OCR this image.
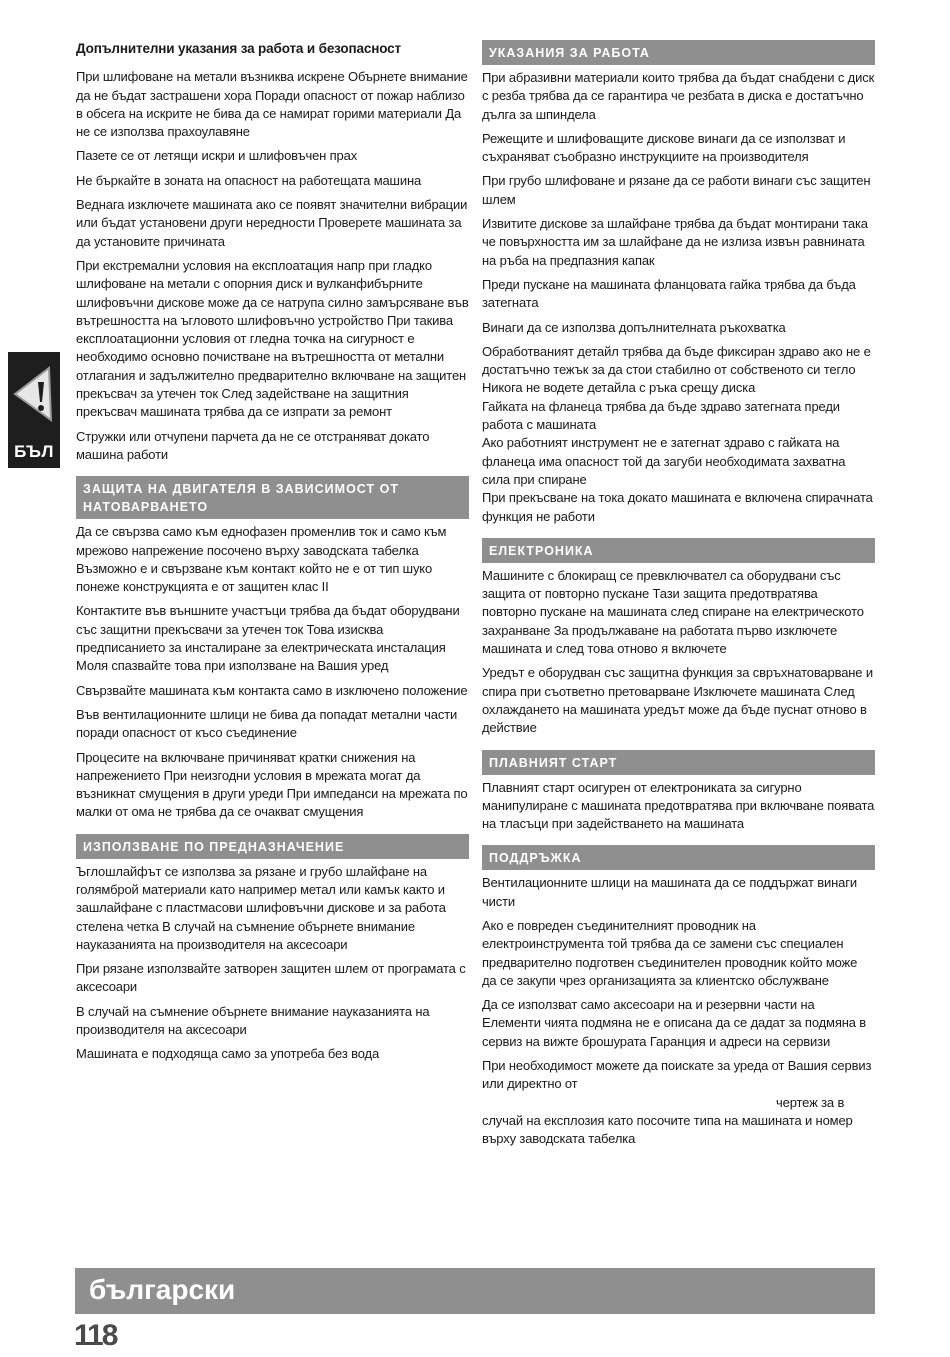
БЪЛ

Допълнителни указания за работа и безопасност

При шлифоване на метали възниква искрене Обърнете внимание да не бъдат застрашени хора Поради опасност от пожар наблизо в обсега на искрите не бива да се намират горими материали Да не се използва прахоулавяне

Пазете се от летящи искри и шлифовъчен прах

Не бъркайте в зоната на опасност на работещата машина

Веднага изключете машината ако се появят значителни вибрации или бъдат установени други нередности Проверете машината за да установите причината

При екстремални условия на експлоатация напр при гладко шлифоване на метали с опорния диск и вулканфибърните шлифовъчни дискове може да се натрупа силно замърсяване във вътрешността на ъгловото шлифовъчно устройство При такива експлоатационни условия от гледна точка на сигурност е необходимо основно почистване на вътрешността от метални отлагания и задължително предварително включване на защитен прекъсвач за утечен ток След задействане на защитния прекъсвач машината трябва да се изпрати за ремонт

Стружки или отчупени парчета да не се отстраняват докато машина работи

ЗАЩИТА НА ДВИГАТЕЛЯ В ЗАВИСИМОСТ ОТ НАТОВАРВАНЕТО

Да се свързва само към еднофазен променлив ток и само към мрежово напрежение посочено върху заводската табелка Възможно е и свързване към контакт който не е от тип шуко понеже конструкцията е от защитен клас II

Контактите във външните участъци трябва да бъдат оборудвани със защитни прекъсвачи за утечен ток Това изисква предписанието за инсталиране за електрическата инсталация Моля спазвайте това при използване на Вашия уред

Свързвайте машината към контакта само в изключено положение

Във вентилационните шлици не бива да попадат метални части поради опасност от късо съединение

Процесите на включване причиняват кратки снижения на напрежението При неизгодни условия в мрежата могат да възникнат смущения в други уреди При импеданси на мрежата по малки от ома не трябва да се очакват смущения

ИЗПОЛЗВАНЕ ПО ПРЕДНАЗНАЧЕНИЕ

Ъглошлайфът се използва за рязане и грубо шлайфане на голямброй материали като например метал или камък както и зашлайфане с пластмасови шлифовъчни дискове и за работа стелена четка В случай на съмнение обърнете внимание науказанията на производителя на аксесоари

При рязане използвайте затворен защитен шлем от програмата с аксесоари

В случай на съмнение обърнете внимание науказанията на производителя на аксесоари

Машината е подходяща само за употреба без вода

УКАЗАНИЯ ЗА РАБОТА

При абразивни материали които трябва да бъдат снабдени с диск с резба трябва да се гарантира че резбата в диска е достатъчно дълга за шпиндела

Режещите и шлифоващите дискове винаги да се използват и съхраняват съобразно инструкциите на производителя

При грубо шлифоване и рязане да се работи винаги със защитен шлем

Извитите дискове за шлайфане трябва да бъдат монтирани така че повърхността им за шлайфане да не излиза извън равнината на ръба на предпазния капак

Преди пускане на машината фланцовата гайка трябва да бъда затегната

Винаги да се използва допълнителната ръкохватка

Обработваният детайл трябва да бъде фиксиран здраво ако не е достатъчно тежък за да стои стабилно от собственото си тегло Никога не водете детайла с ръка срещу диска

Гайката на фланеца трябва да бъде здраво затегната преди работа с машината

Ако работният инструмент не е затегнат здраво с гайката на фланеца има опасност той да загуби необходимата захватна сила при спиране

При прекъсване на тока докато машината е включена спирачната функция не работи

ЕЛЕКТРОНИКА

Машините с блокиращ се превключвател са оборудвани със защита от повторно пускане Тази защита предотвратява повторно пускане на машината след спиране на електрическото захранване За продължаване на работата първо изключете машината и след това отново я включете

Уредът е оборудван със защитна функция за свръхнатоварване и спира при съответно претоварване Изключете машината След охлаждането на машината уредът може да бъде пуснат отново в действие

ПЛАВНИЯТ СТАРТ

Плавният старт осигурен от електрониката за сигурно манипулиране с машината предотвратява при включване появата на тласъци при задействането на машината

ПОДДРЪЖКА

Вентилационните шлици на машината да се поддържат винаги чисти

Ако е повреден съединителният проводник на електроинструмента той трябва да се замени със специален предварително подготвен съединителен проводник който може да се закупи чрез организацията за клиентско обслужване

Да се използват само аксесоари на и резервни части на Елементи чията подмяна не е описана да се дадат за подмяна в сервиз на вижте брошурата Гаранция и адреси на сервизи

При необходимост можете да поискате за уреда от Вашия сервиз или директно от

чертеж за в

случай на експлозия като посочите типа на машината и номер върху заводската табелка

български
118
